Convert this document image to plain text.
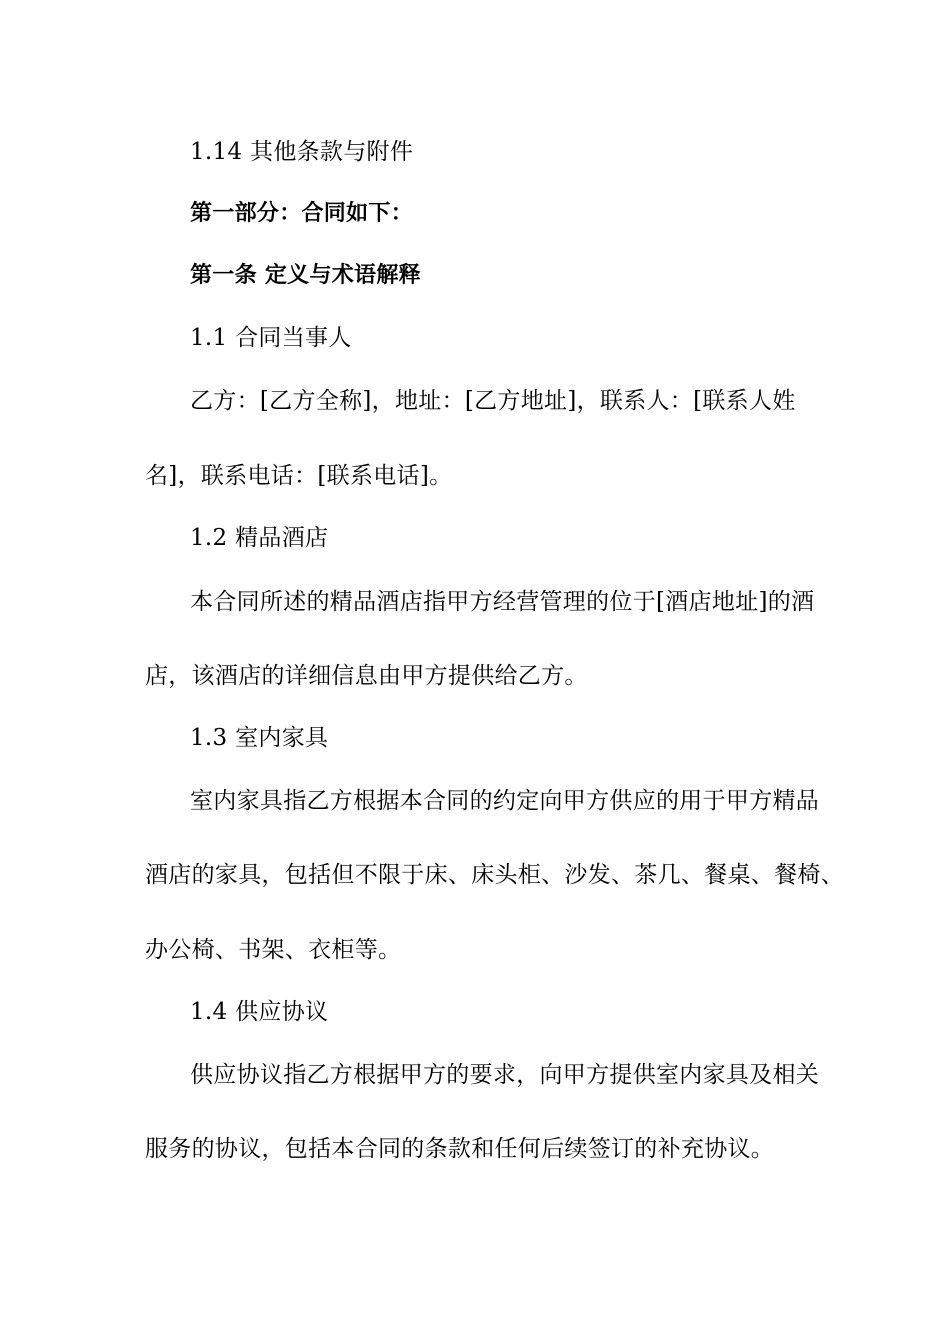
1.14 其他条款与附件
第一部分：合同如下：
第一条 定义与术语解释
1.1 合同当事人
乙方：[乙方全称]，地址：[乙方地址]，联系人：[联系人姓
名]，联系电话：[联系电话]。
1.2 精品酒店
本合同所述的精品酒店指甲方经营管理的位于[酒店地址]的酒
店，该酒店的详细信息由甲方提供给乙方。
1.3 室内家具
室内家具指乙方根据本合同的约定向甲方供应的用于甲方精品
酒店的家具，包括但不限于床、床头柜、沙发、茶几、餐桌、餐椅、
办公椅、书架、衣柜等。
1.4 供应协议
供应协议指乙方根据甲方的要求，向甲方提供室内家具及相关
服务的协议，包括本合同的条款和任何后续签订的补充协议。
